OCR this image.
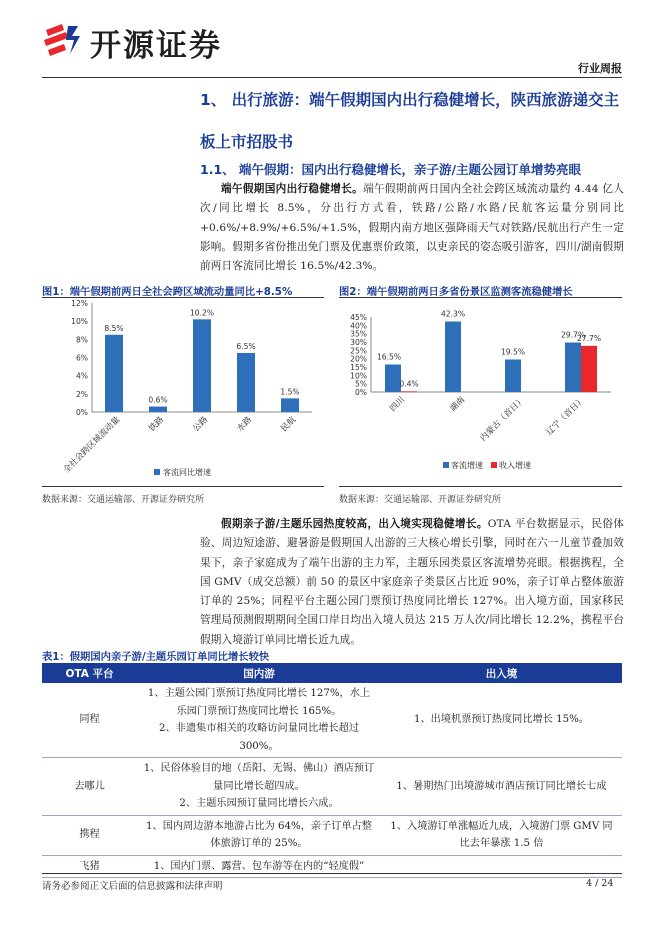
开源证券
行业周报
1、 出行旅游：端午假期国内出行稳健增长，陕西旅游递交主
板上市招股书
1.1、 端午假期：国内出行稳健增长，亲子游/主题公园订单增势亮眼
端午假期国内出行稳健增长。端午假期前两日国内全社会跨区域流动量约 4.44 亿人次/同比增长 8.5%，分出行方式看，铁路/公路/水路/民航客运量分别同比+0.6%/+8.9%/+6.5%/+1.5%，假期内南方地区强降雨天气对铁路/民航出行产生一定影响。假期多省份推出免门票及优惠票价政策，以吏亲民的姿态吸引游客，四川/湖南假期前两日客流同比增长 16.5%/42.3%。
图1：端午假期前两日全社会跨区域流动量同比+8.5%	图2：端午假期前两日多省份景区监测客流稳健增长
0%
2%
4%
6%
8%
10%
12%
8.5%
全社会跨区域流动量
0.6%
铁路
10.2%
公路
6.5%
水路
1.5%
民航
客流同比增速
0%
5%
10%
15%
20%
25%
30%
35%
40%
45%
16.5%
0.4%
四川
42.3%
湖南
19.5%
内蒙古（首日）
29.7%
27.7%
辽宁（首日）
客流增速 收入增速
数据来源：交通运输部、开源证券研究所	数据来源：交通运输部、开源证券研究所
假期亲子游/主题乐园热度较高，出入境实现稳健增长。OTA 平台数据显示，民俗体验、周边短途游、避暑游是假期国人出游的三大核心增长引擎，同时在六一儿童节叠加效果下，亲子家庭成为了端午出游的主力军，主题乐园类景区客流增势亮眼。根据携程，全国 GMV（成交总额）前 50 的景区中家庭亲子类景区占比近 90%，亲子订单占整体旅游订单的 25%；同程平台主题公园门票预订热度同比增长 127%。出入境方面，国家移民管理局预测假期期间全国口岸日均出入境人员达 215 万人次/同比增长 12.2%，携程平台假期入境游订单同比增长近九成。
表1：假期国内亲子游/主题乐园订单同比增长较快
OTA 平台	国内游	出入境
同程	1、主题公园门票预订热度同比增长 127%，水上乐园门票预订热度同比增长 165%。
2、非遗集市相关的攻略访问量同比增长超过 300%。	1、出境机票预订热度同比增长 15%。
去哪儿	1、民俗体验目的地（岳阳、无锡、佛山）酒店预订量同比增长超四成。
2、主题乐园预订量同比增长六成。	1、暑期热门出境游城市酒店预订同比增长七成
携程	1、国内周边游本地游占比为 64%，亲子订单占整体旅游订单的 25%。	1、入境游订单涨幅近九成，入境游门票 GMV 同比去年暴涨 1.5 倍
飞猪	1、国内门票、露营、包车游等在内的“轻度假”	

请务必参阅正文后面的信息披露和法律声明	4 / 24
